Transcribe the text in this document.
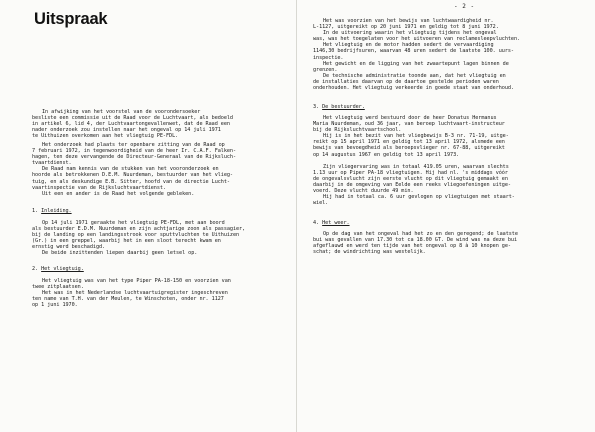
Uitspraak
In afwijking van het voorstel van de voorondersoeker
besliste een commissie uit de Raad voor de Luchtvaart, als bedoeld
in artikel 6, lid 4, der Luchtvaartongevallenwet, dat de Raad een
nader onderzoek zou instellen naar het ongeval op 14 juli 1971
te Uithuizen overkomen aan het vliegtuig PE-FDL.
Het onderzoek had plaats ter openbare zitting van de Raad op
7 februari 1972, in tegenwoordigheid van de heer Ir. C.A.F. Falken-
hagen, ten deze vervangende de Directeur-Generaal van de Rijksluch-
tvaartdienst.
De Raad nam kennis van de stukken van het vooronderzoek en
hoorde als betrokkenen D.E.M. Nuurdeman, bestuurder van het vlieg-
tuig, en als deskundige E.B. Sitter, hoofd van de directie Lucht-
vaartinspectie van de Rijksluchtvaartdienst.
Uit een en ander is de Raad het volgende gebleken.
1. Inleiding.
Op 14 juli 1971 geraakte het vliegtuig PE-FDL, met aan boord
als bestuurder E.D.M. Nuurdeman en zijn achtjarige zoon als passagier,
bij de landing op een landingsstrook voor sputtvluchten te Uithuizen
(Gr.) in een greppel, waarbij het in een sloot terecht kwam en
ernstig werd beschadigd.
De beide inzittenden liepen daarbij geen letsel op.
2. Het vliegtuig.
Het vliegtuig was van het type Piper PA-18-150 en voorzien van
twee zitplaatsen.
Het was in het Nederlandse luchtvaartuigregister ingeschreven
ten name van T.H. van der Meulen, te Winschoten, onder nr. 1127
op 1 juni 1970.
- 2 -
Het was voorzien van het bewijs van luchtwaardigheid nr.
L-1127, uitgereikt op 20 juni 1971 en geldig tot 8 juni 1972.
In de uitvoering waarin het vliegtuig tijdens het ongeval
was, was het toegelaten voor het uitvoeren van reclamesleepvluchten.
Het vliegtuig en de motor hadden sedert de vervaardiging
1146,30 bedrijfsuren, waarvan 48 uren sedert de laatste 100. uurs-
inspectie.
Het gewicht en de ligging van het zwaartepunt lagen binnen de
grenzen.
De technische administratie toonde aan, dat het vliegtuig en
de installaties daarvan op de daartoe gestelde perioden waren
onderhouden. Het vliegtuig verkeerde in goede staat van onderhoud.
3. De bestuurder.
Het vliegtuig werd bestuurd door de heer Donatus Hermanus
Maria Nuurdeman, oud 36 jaar, van beroep luchtvaart-instructeur
bij de Rijksluchtvaartschool.
Hij is in het bezit van het vliegbewijs B-3 nr. 71-19, uitge-
reikt op 15 april 1971 en geldig tot 13 april 1972, alsmede een
bewijs van bevoegdheid als beroepsvlieger nr. 67-88, uitgereikt
op 14 augustus 1967 en geldig tot 13 april 1973.
Zijn vliegervaring was in totaal 419.05 uren, waarvan slechts
1.13 uur op Piper PA-18 vliegtuigen. Hij had nl. 's middags vóór
de ongevalsvlucht zijn eerste vlucht op dit vliegtuig gemaakt en
daarbij in de omgeving van Eelde een reeks vliegoefeningen uitge-
voerd. Deze vlucht duurde 49 min.
Hij had in totaal ca. 6 uur gevlogen op vliegtuigen met staart-
wiel.
4. Het weer.
Op de dag van het ongeval had het zo en den geregend; de laatste
bui was gevallen van 17.30 tot ca 18.00 GT. De wind was na deze bui
afgeflauwd en werd ten tijde van het ongeval op 8 à 10 knopen ge-
schat; de windrichting was westelijk.
